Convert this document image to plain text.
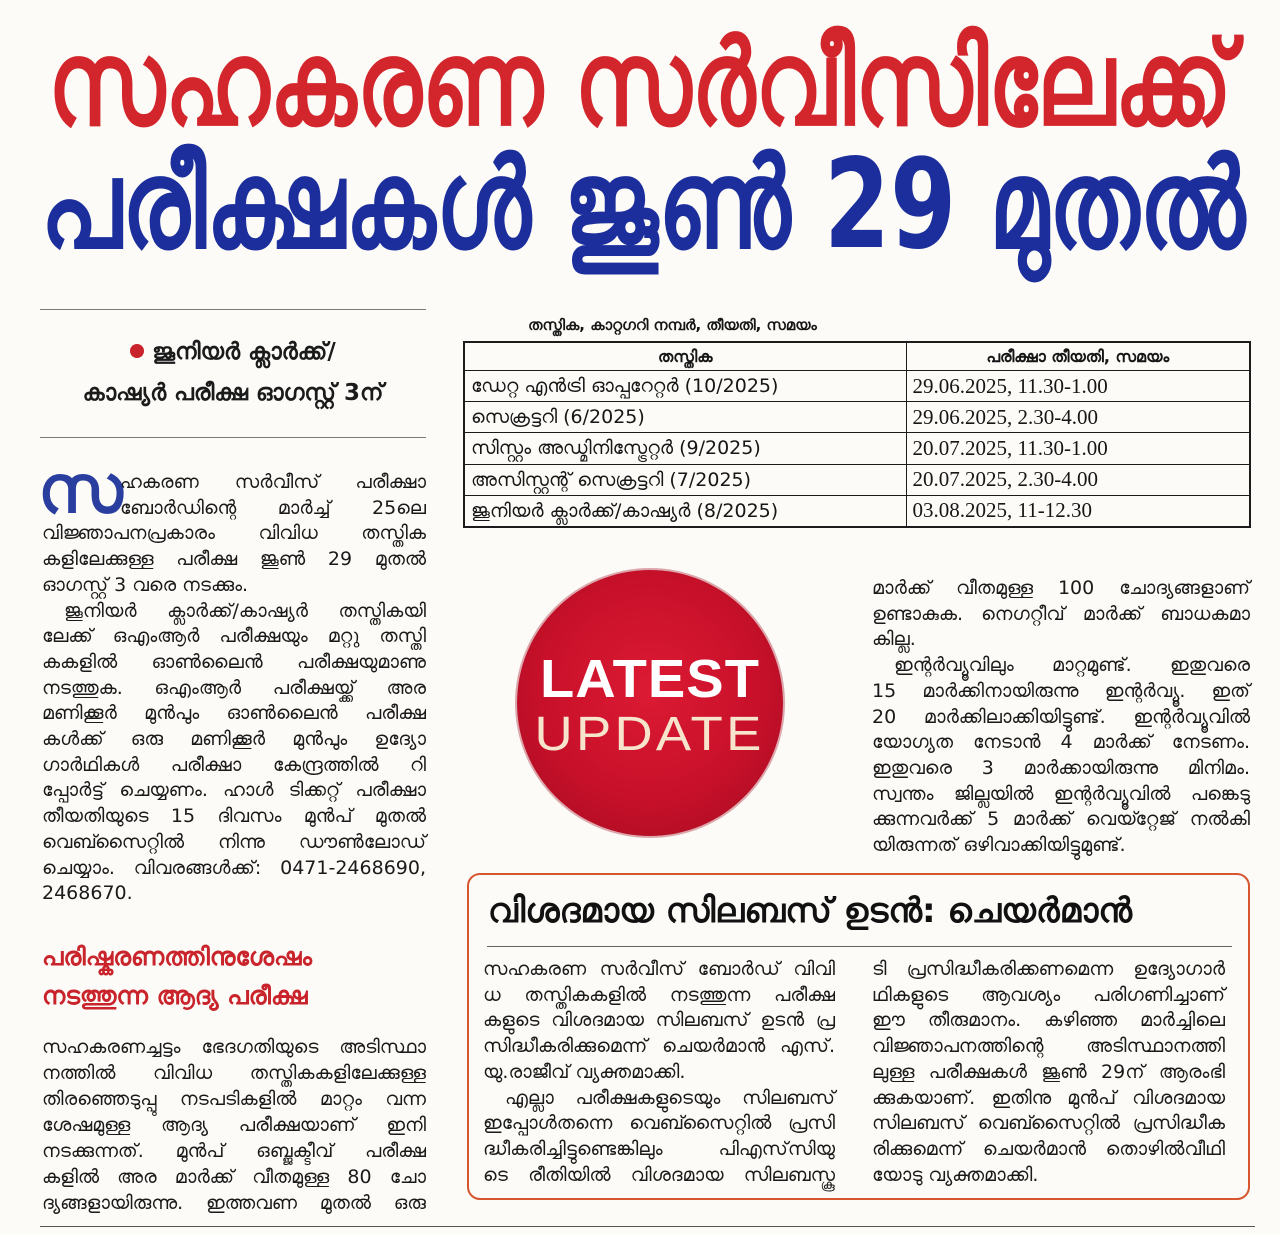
സഹകരണ സർവീസിലേക്ക്
പരീക്ഷകൾ ജൂൺ 29 മുതൽ
ജൂനിയർ ക്ലാർക്ക്/
കാഷ്യർ പരീക്ഷ ഓഗസ്റ്റ് 3ന്
സ
ഹകരണ സർവീസ് പരീക്ഷാ
ബോർഡിന്റെ മാർച്ച് 25ലെ
വിജ്ഞാപനപ്രകാരം വിവിധ തസ്തിക
കളിലേക്കുള്ള പരീക്ഷ ജൂൺ 29 മുതൽ
ഓഗസ്റ്റ് 3 വരെ നടക്കും.
ജൂനിയർ ക്ലാർക്ക്/കാഷ്യർ തസ്തികയി
ലേക്ക് ഒഎംആർ പരീക്ഷയും മറ്റു തസ്തി
കകളിൽ ഓൺലൈൻ പരീക്ഷയുമാണു
നടത്തുക. ഒഎംആർ പരീക്ഷയ്ക്ക് അര
മണിക്കൂർ മുൻപും ഓൺലൈൻ പരീക്ഷ
കൾക്ക് ഒരു മണിക്കൂർ മുൻപും ഉദ്യോ
ഗാർഥികൾ പരീക്ഷാ കേന്ദ്രത്തിൽ റി
പ്പോർട്ട് ചെയ്യണം. ഹാൾ ടിക്കറ്റ് പരീക്ഷാ
തീയതിയുടെ 15 ദിവസം മുൻപ് മുതൽ
വെബ്സൈറ്റിൽ നിന്നു ഡൗൺലോഡ്
ചെയ്യാം. വിവരങ്ങൾക്ക്: 0471-2468690,
2468670.
പരിഷ്കരണത്തിനുശേഷം
നടത്തുന്ന ആദ്യ പരീക്ഷ
സഹകരണച്ചട്ടം ഭേദഗതിയുടെ അടിസ്ഥാ
നത്തിൽ വിവിധ തസ്തികകളിലേക്കുള്ള
തിരഞ്ഞെടുപ്പു നടപടികളിൽ മാറ്റം വന്ന
ശേഷമുള്ള ആദ്യ പരീക്ഷയാണ് ഇനി
നടക്കുന്നത്. മുൻപ് ഒബ്ജക്ടീവ് പരീക്ഷ
കളിൽ അര മാർക്ക് വീതമുള്ള 80 ചോ
ദ്യങ്ങളായിരുന്നു. ഇത്തവണ മുതൽ ഒരു
തസ്തിക, കാറ്റഗറി നമ്പർ, തീയതി, സമയം
തസ്തിക	പരീക്ഷാ തീയതി, സമയം

ഡേറ്റ എൻട്രി ഓപ്പറേറ്റർ (10/2025)	29.06.2025, 11.30-1.00

സെക്രട്ടറി (6/2025)	29.06.2025, 2.30-4.00

സിസ്റ്റം അഡ്മിനിസ്ട്രേറ്റർ (9/2025)	20.07.2025, 11.30-1.00

അസിസ്റ്റന്റ് സെക്രട്ടറി (7/2025)	20.07.2025, 2.30-4.00

ജൂനിയർ ക്ലാർക്ക്/കാഷ്യർ (8/2025)	03.08.2025, 11-12.30
LATEST
UPDATE
മാർക്ക് വീതമുള്ള 100 ചോദ്യങ്ങളാണ്
ഉണ്ടാകുക. നെഗറ്റീവ് മാർക്ക് ബാധകമാ
കില്ല.
ഇന്റർവ്യൂവിലും മാറ്റമുണ്ട്. ഇതുവരെ
15 മാർക്കിനായിരുന്നു ഇന്റർവ്യൂ. ഇത്
20 മാർക്കിലാക്കിയിട്ടുണ്ട്. ഇന്റർവ്യൂവിൽ
യോഗ്യത നേടാൻ 4 മാർക്ക് നേടണം.
ഇതുവരെ 3 മാർക്കായിരുന്നു മിനിമം.
സ്വന്തം ജില്ലയിൽ ഇന്റർവ്യൂവിൽ പങ്കെടു
ക്കുന്നവർക്ക് 5 മാർക്ക് വെയ്റ്റേജ് നൽകി
യിരുന്നത് ഒഴിവാക്കിയിട്ടുമുണ്ട്.
വിശദമായ സിലബസ് ഉടൻ: ചെയർമാൻ
സഹകരണ സർവീസ് ബോർഡ് വിവി
ധ തസ്തികകളിൽ നടത്തുന്ന പരീക്ഷ
കളുടെ വിശദമായ സിലബസ് ഉടൻ പ്ര
സിദ്ധീകരിക്കുമെന്ന് ചെയർമാൻ എസ്.
യു.രാജീവ് വ്യക്തമാക്കി.
എല്ലാ പരീക്ഷകളുടെയും സിലബസ്
ഇപ്പോൾതന്നെ വെബ്സൈറ്റിൽ പ്രസി
ദ്ധീകരിച്ചിട്ടുണ്ടെങ്കിലും പിഎസ്‌സിയു
ടെ രീതിയിൽ വിശദമായ സിലബസ്കൂ
ടി പ്രസിദ്ധീകരിക്കണമെന്ന ഉദ്യോഗാർ
ഥികളുടെ ആവശ്യം പരിഗണിച്ചാണ്
ഈ തീരുമാനം. കഴിഞ്ഞ മാർച്ചിലെ
വിജ്ഞാപനത്തിന്റെ അടിസ്ഥാനത്തി
ലുള്ള പരീക്ഷകൾ ജൂൺ 29ന് ആരംഭി
ക്കുകയാണ്. ഇതിനു മുൻപ് വിശദമായ
സിലബസ് വെബ്സൈറ്റിൽ പ്രസിദ്ധീക
രിക്കുമെന്ന് ചെയർമാൻ തൊഴിൽവീഥി
യോടു വ്യക്തമാക്കി.
